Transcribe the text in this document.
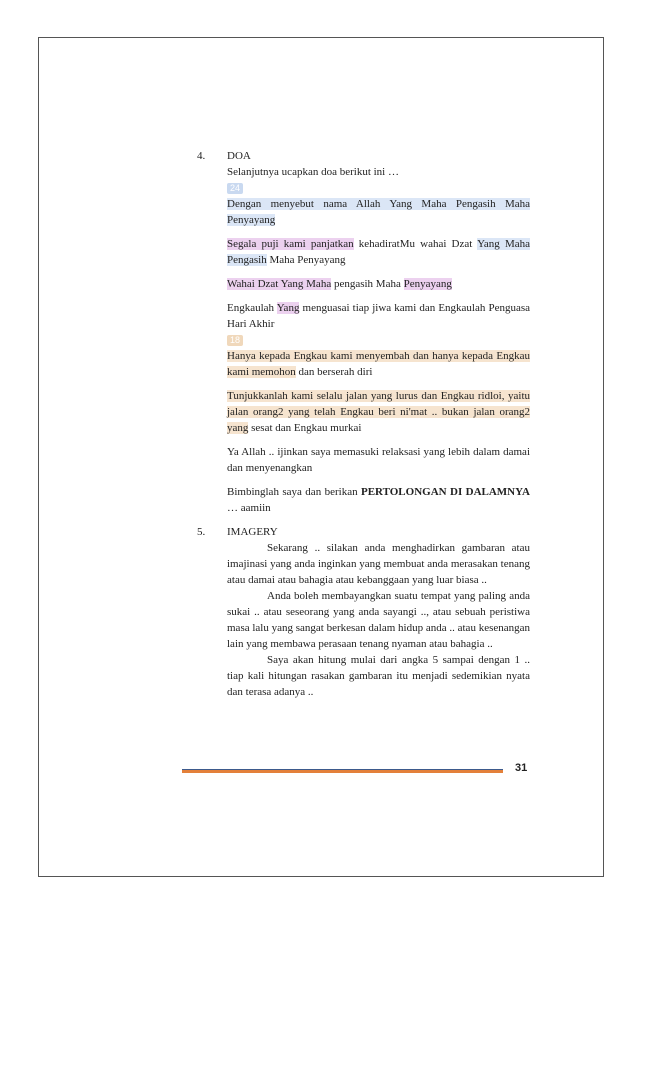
4.	DOA

Selanjutnya ucapkan doa berikut ini …

24

Dengan menyebut nama Allah Yang Maha Pengasih Maha Penyayang

Segala puji kami panjatkan kehadiratMu wahai Dzat Yang Maha Pengasih Maha Penyayang

Wahai Dzat Yang Maha pengasih Maha Penyayang

Engkaulah Yang menguasai tiap jiwa kami dan Engkaulah Penguasa Hari Akhir

18

Hanya kepada Engkau kami menyembah dan hanya kepada Engkau kami memohon dan berserah diri

Tunjukkanlah kami selalu jalan yang lurus dan Engkau ridloi, yaitu jalan orang2 yang telah Engkau beri ni'mat .. bukan jalan orang2 yang sesat dan Engkau murkai

Ya Allah .. ijinkan saya memasuki relaksasi yang lebih dalam damai dan menyenangkan

Bimbinglah saya dan berikan PERTOLONGAN DI DALAMNYA … aamiin

5.	IMAGERY

Sekarang .. silakan anda menghadirkan gambaran atau imajinasi yang anda inginkan yang membuat anda merasakan tenang atau damai atau bahagia atau kebanggaan yang luar biasa ..

Anda boleh membayangkan suatu tempat yang paling anda sukai .. atau seseorang yang anda sayangi .., atau sebuah peristiwa masa lalu yang sangat berkesan dalam hidup anda .. atau kesenangan lain yang membawa perasaan tenang nyaman atau bahagia ..

Saya akan hitung mulai dari angka 5 sampai dengan 1 .. tiap kali hitungan rasakan gambaran itu menjadi sedemikian nyata dan terasa adanya ..

31
